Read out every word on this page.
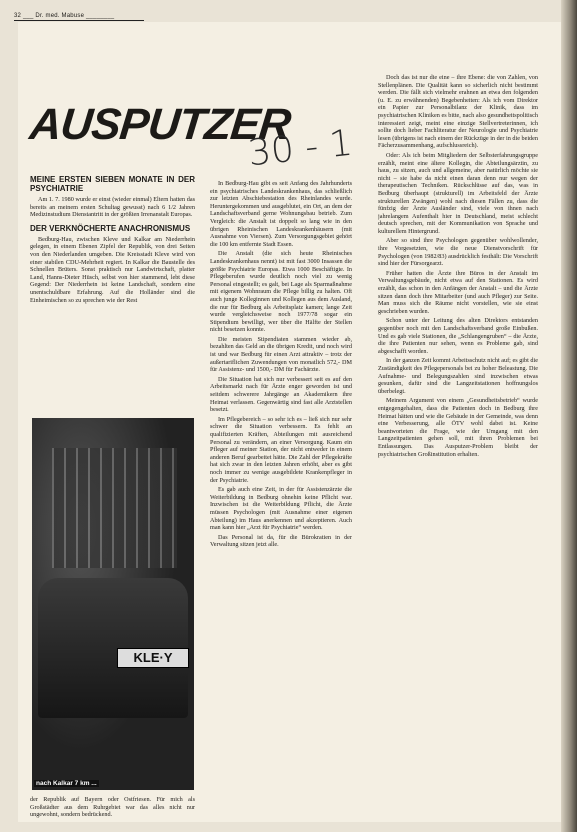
32 ___ Dr. med. Mabuse ________
AUSPUTZER
30 - 1
MEINE ERSTEN SIEBEN MONATE IN DER PSYCHIATRIE

Am 1. 7. 1980 wurde er einst (wieder einmal) Eltern hatten das bereits an meinem ersten Schultag gewusst) nach 6 1/2 Jahren Medizinstudium Dienstantritt in der größten Irrenanstalt Europas.

DER VERKNÖCHERTE ANACHRONISMUS

Bedburg-Hau, zwischen Kleve und Kalkar am Niederrhein gelegen, in einem Ebenen Zipfel der Republik, von drei Seiten von den Niederlanden umgeben. Die Kreisstadt Kleve wird von einer stabilen CDU-Mehrheit regiert. In Kalkar die Baustelle des Schnellen Brüters. Sonst praktisch nur Landwirtschaft, platter Land, Hanns-Dieter Hüsch, selbst von hier stammend, lebt diese Gegend: Der Niederrhein ist keine Landschaft, sondern eine unentschuldbare Erfahrung. Auf die Holländer sind die Einheimischen so zu sprechen wie der Rest

KLE·Y
nach Kalkar 7 km ...

der Republik auf Bayern oder Ostfriesen. Für mich als Großstädter aus dem Ruhrgebiet war das alles nicht nur ungewohnt, sondern bedrückend.

In Bedburg-Hau gibt es seit Anfang des Jahrhunderts ein psychiatrisches Landeskrankenhaus, das schließlich zur letzten Abschiebestation des Rheinlandes wurde. Heruntergekommen und ausgeblutet, ein Ort, an dem der Landschaftsverband gerne Wohnungsbau betrieb. Zum Vergleich: die Anstalt ist doppelt so lang wie in den übrigen Rheinischen Landeskrankenhäusern (mit Ausnahme von Viersen). Zum Versorgungsgebiet gehört die 100 km entfernte Stadt Essen.

Die Anstalt (die sich heute Rheinisches Landeskrankenhaus nennt) ist mit fast 3000 Insassen die größte Psychiatrie Europas. Etwa 1000 Beschäftigte. In Pflegeberufen wurde deutlich noch viel zu wenig Personal eingestellt; es galt, bei Lage als Sparmaßnahme mit eigenem Wohnraum die Pflege billig zu halten. Oft auch junge Kolleginnen und Kollegen aus dem Ausland, die nur für Bedburg als Arbeitsplatz kamen; lange Zeit wurde vergleichsweise noch 1977/78 sogar ein Stipendium bewilligt, wer über die Hälfte der Stellen nicht besetzen konnte.

Die meisten Stipendiaten stammen wieder ab, bezahlten das Geld an die übrigen Kredit, und noch wird ist und war Bedburg für einen Arzt attraktiv – trotz der außertariflichen Zuwendungen von monatlich 572,- DM für Assistenz- und 1500,- DM für Fachärzte.

Die Situation hat sich nur verbessert seit es auf den Arbeitsmarkt nach für Ärzte enger geworden ist und seitdem schwerere Jahrgänge an Akademikern ihre Heimat verlassen. Gegenwärtig sind fast alle Arztstellen besetzt.

Im Pflegebereich – so sehr ich es – ließ sich nur sehr schwer die Situation verbessern. Es fehlt an qualifizierten Kräften, Abteilungen mit ausreichend Personal zu verändern, an einer Versorgung. Kaum ein Pfleger auf meiner Station, der nicht entweder in einem anderen Beruf gearbeitet hätte. Die Zahl der Pflegekräfte hat sich zwar in den letzten Jahren erhöht, aber es gibt noch immer zu wenige ausgebildete Krankenpfleger in der Psychiatrie.

Es gab auch eine Zeit, in der für Assistenzärzte die Weiterbildung in Bedburg ohnehin keine Pflicht war. Inzwischen ist die Weiterbildung Pflicht, die Ärzte müssen Psychologen (mit Ausnahme einer eigenen Abteilung) im Haus anerkennen und akzeptieren. Auch man kann hier „Arzt für Psychiatrie“ werden.

Das Personal ist da, für die Bürokratien in der Verwaltung sitzen jetzt alle.

Doch das ist nur die eine – ihre Ebene: die von Zahlen, von Stellenplänen. Die Qualität kann so sicherlich nicht bestimmt werden. Die fällt sich vielmehr erahnen an etwa den folgenden (u. E. zu erwähnenden) Begebenheiten: Als ich vom Direktor ein Papier zur Personalbilanz der Klinik, dass im psychiatrischen Kliniken es bitte, nach also gesundheitspolitisch interessiert zeigt, meint eine einzige Stellvertreterinnen, ich sollte doch lieber Fachliteratur der Neurologie und Psychiatrie lesen (übrigens ist nach einem der Rückzüge in der in die beiden Fächerzusammenhang, aufschlussreich).

Oder: Als ich beim Mitgliedern der Selbsterfahrungsgruppe erzählt, meint eine ältere Kollegin, die Abteilungsärztin, zu haus, zu sitzen, auch und allgemeine, aber natürlich möchte sie nicht – sie habe da nicht einen daran denn nur wegen der therapeutischen Techniken. Rückschlüsse auf das, was in Bedburg überhaupt (strukturell) im Arbeitsfeld der Ärzte strukturellen Zwängen) wohl nach diesen Fällen zu, dass die fünfzig der Ärzte Ausländer sind, viele von ihnen nach jahrelangem Aufenthalt hier in Deutschland, meist schlecht deutsch sprechen, mit der Kommunikation von Sprache und kulturellem Hintergrund.

Aber so sind ihre Psychologen gegenüber wohlwollender, ihre Vorgesetzten, wie die neue Dienstvorschrift für Psychologen (von 1982/83) ausdrücklich festhält: Die Vorschrift sind hier der Fürsorgearzt.

Früher hatten die Ärzte ihre Büros in der Anstalt im Verwaltungsgebäude, nicht etwa auf den Stationen. Es wird erzählt, das schon in den Anfängen der Anstalt – und die Ärzte sitzen dann doch ihre Mitarbeiter (und auch Pfleger) zur Seite. Man muss sich die Räume nicht vorstellen, wie sie einst geschrieben wurden.

Schon unter der Leitung des alten Direktors entstanden gegenüber noch mit den Landschaftsverband große Einbußen. Und es gab viele Stationen, die „Schlangengruben“ – die Ärzte, die ihre Patienten nur sehen, wenn es Probleme gab, sind abgeschafft worden.

In der ganzen Zeit kommt Arbeitsschutz nicht auf; es gibt die Zuständigkeit des Pflegepersonals bei zu hoher Beleastung. Die Aufnahme- und Belegungszahlen sind inzwischen etwas gesunken, dafür sind die Langzeitstationen hoffnungslos überbelegt.

Meinem Argument von einem „Gesundheitsbetrieb“ wurde entgegengehalten, dass die Patienten doch in Bedburg ihre Heimat hätten und wie die Gebäude in der Gemeinde, was denn eine Verbesserung, alle ÖTV wohl dabei ist. Keine beantworteten die Frage, wie der Umgang mit den Langzeitpatienten gehen soll, mit ihren Problemen bei Entlassungen. Das Ausputzer-Problem bleibt der psychiatrischen Großinstitution erhalten.
